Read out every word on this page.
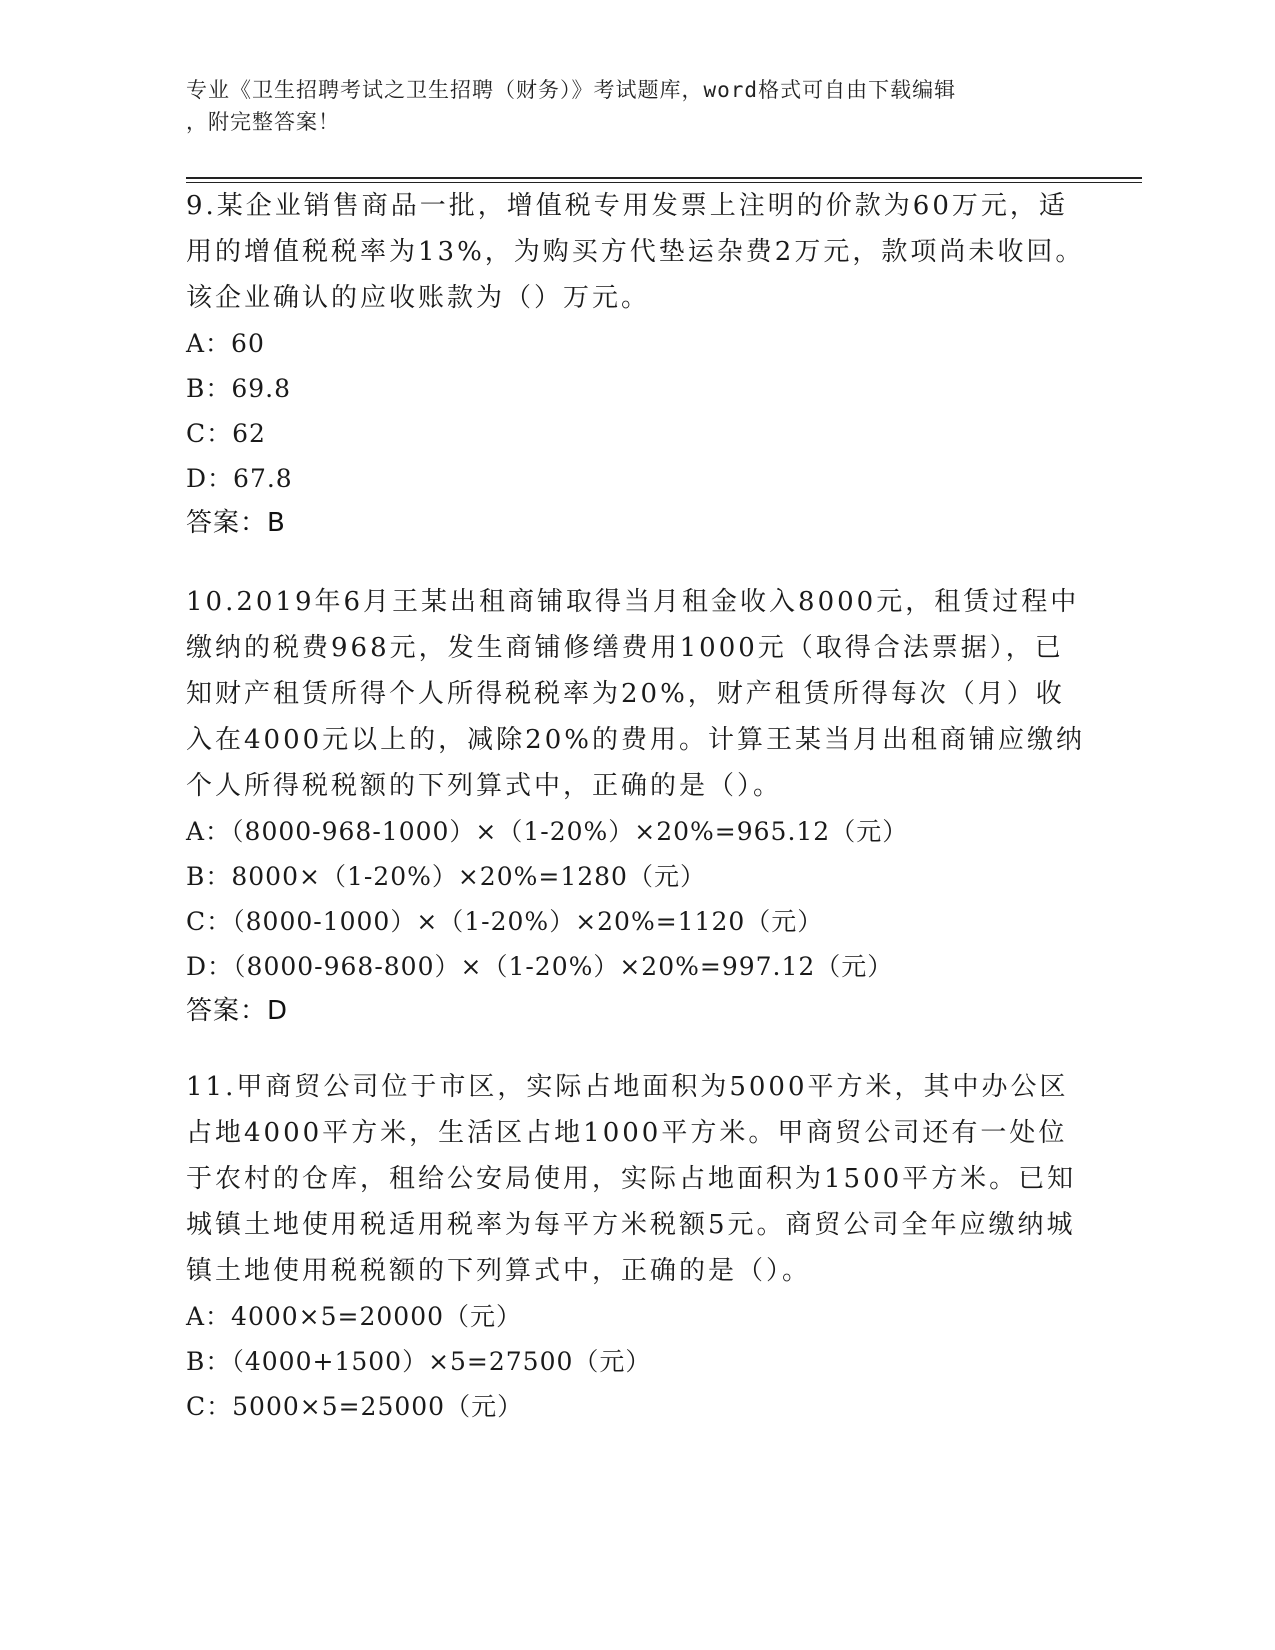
专业《卫生招聘考试之卫生招聘（财务）》考试题库，word格式可自由下载编辑
，附完整答案！

9.某企业销售商品一批，增值税专用发票上注明的价款为60万元，适用的增值税税率为13%，为购买方代垫运杂费2万元，款项尚未收回。该企业确认的应收账款为（）万元。

A：60

B：69.8

C：62

D：67.8

答案：B

10.2019年6月王某出租商铺取得当月租金收入8000元，租赁过程中缴纳的税费968元，发生商铺修缮费用1000元（取得合法票据），已知财产租赁所得个人所得税税率为20%，财产租赁所得每次（月）收入在4000元以上的，减除20%的费用。计算王某当月出租商铺应缴纳个人所得税税额的下列算式中，正确的是（）。

A：（8000-968-1000）×（1-20%）×20%=965.12（元）

B：8000×（1-20%）×20%=1280（元）

C：（8000-1000）×（1-20%）×20%=1120（元）

D：（8000-968-800）×（1-20%）×20%=997.12（元）

答案：D

11.甲商贸公司位于市区，实际占地面积为5000平方米，其中办公区占地4000平方米，生活区占地1000平方米。甲商贸公司还有一处位于农村的仓库，租给公安局使用，实际占地面积为1500平方米。已知城镇土地使用税适用税率为每平方米税额5元。商贸公司全年应缴纳城镇土地使用税税额的下列算式中，正确的是（）。

A：4000×5=20000（元）

B：（4000+1500）×5=27500（元）

C：5000×5=25000（元）
